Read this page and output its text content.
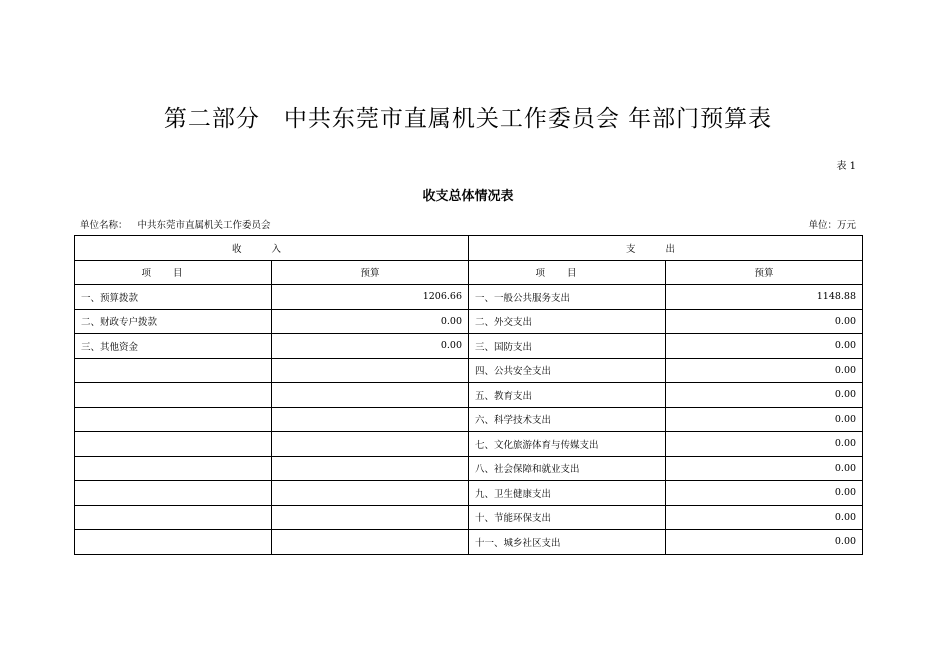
第二部分　中共东莞市直属机关工作委员会 年部门预算表
表 1
收支总体情况表
单位名称： 中共东莞市直属机关工作委员会	单位：万元
收入		支出	
项目	预算	项目	预算
一、预算拨款	1206.66	一、一般公共服务支出	1148.88
二、财政专户拨款	0.00	二、外交支出	0.00
三、其他资金	0.00	三、国防支出	0.00
		四、公共安全支出	0.00
		五、教育支出	0.00
		六、科学技术支出	0.00
		七、文化旅游体育与传媒支出	0.00
		八、社会保障和就业支出	0.00
		九、卫生健康支出	0.00
		十、节能环保支出	0.00
		十一、城乡社区支出	0.00
